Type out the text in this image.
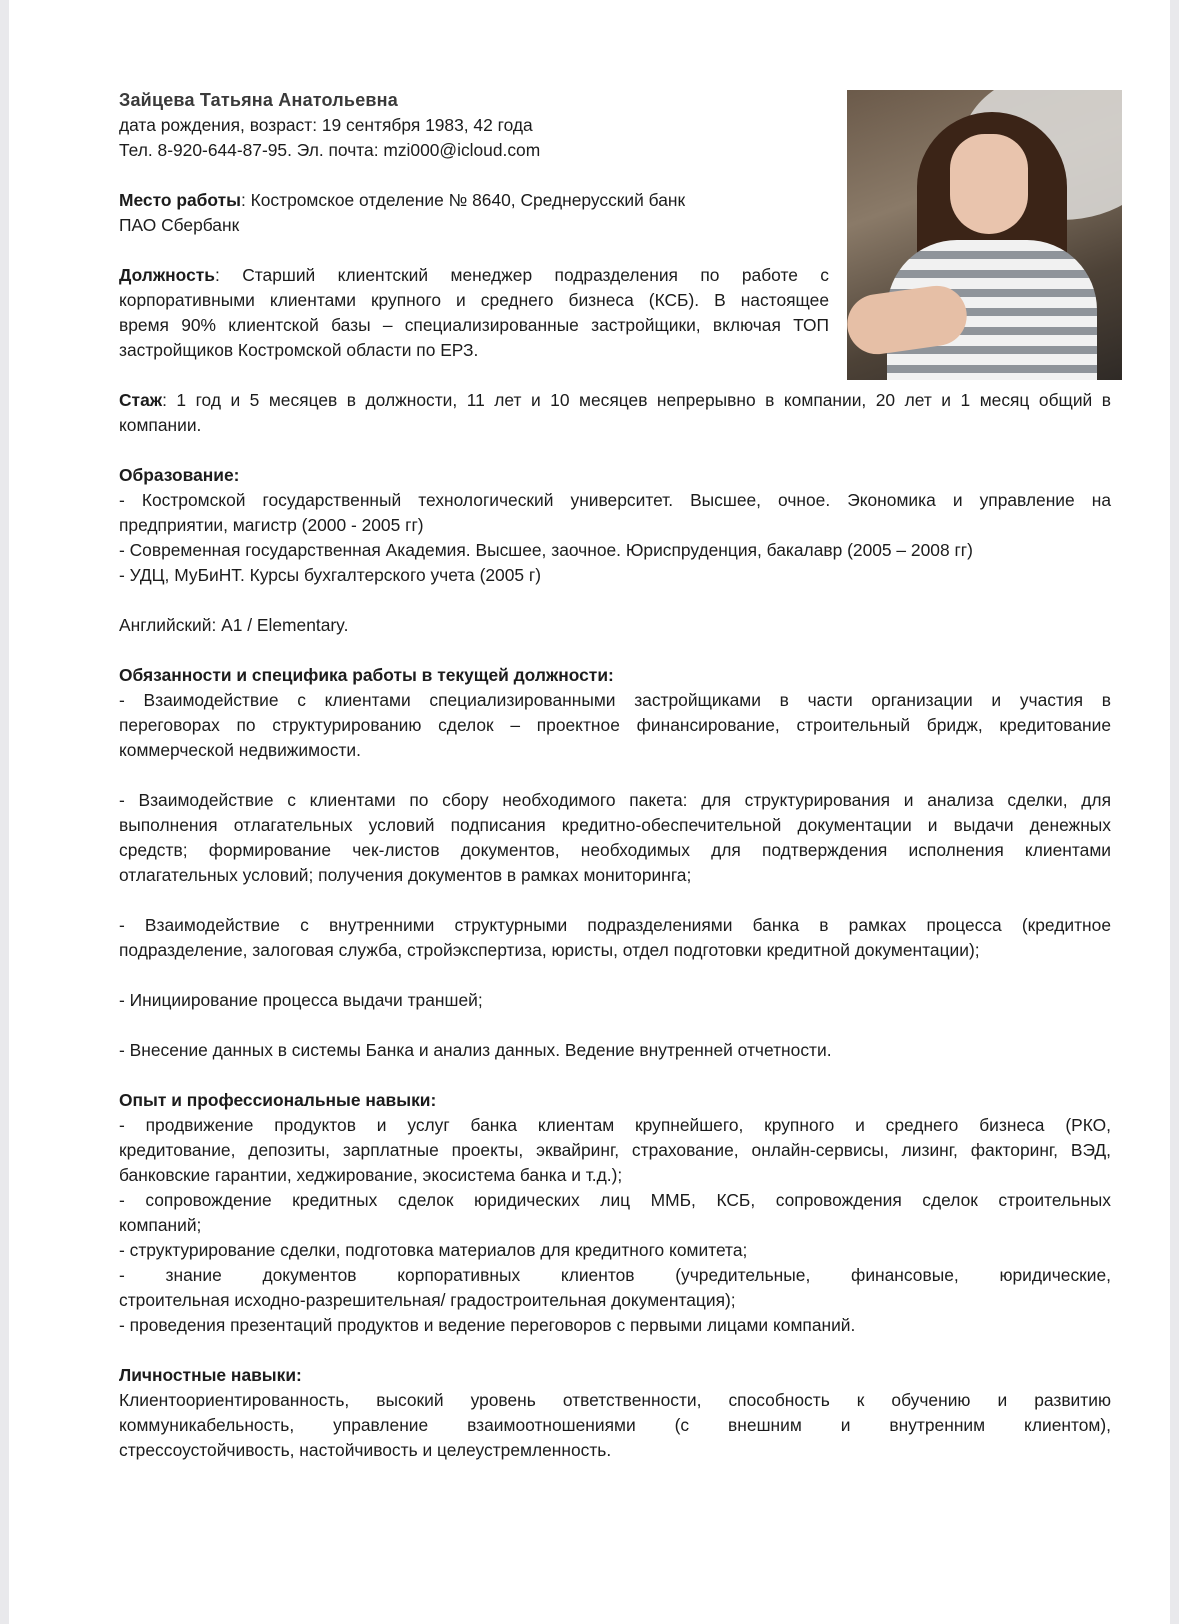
Зайцева Татьяна Анатольевна
дата рождения, возраст: 19 сентября 1983, 42 года
Тел. 8-920-644-87-95. Эл. почта: mzi000@icloud.com
Место работы: Костромское отделение № 8640, Среднерусский банк
ПАО Сбербанк
Должность: Старший клиентский менеджер подразделения по работе с
корпоративными клиентами крупного и среднего бизнеса (КСБ). В настоящее
время 90% клиентской базы – специализированные застройщики, включая ТОП
застройщиков Костромской области по ЕРЗ.
Стаж: 1 год и 5 месяцев в должности, 11 лет и 10 месяцев непрерывно в компании, 20 лет и 1 месяц общий в
компании.
Образование:
- Костромской государственный технологический университет. Высшее, очное. Экономика и управление на
предприятии, магистр (2000 - 2005 гг)
- Современная государственная Академия. Высшее, заочное. Юриспруденция, бакалавр (2005 – 2008 гг)
- УДЦ, МуБиНТ. Курсы бухгалтерского учета (2005 г)
Английский: A1 / Elementary.
Обязанности и специфика работы в текущей должности:
- Взаимодействие с клиентами специализированными застройщиками в части организации и участия в
переговорах по структурированию сделок – проектное финансирование, строительный бридж, кредитование
коммерческой недвижимости.
- Взаимодействие с клиентами по сбору необходимого пакета: для структурирования и анализа сделки, для
выполнения отлагательных условий подписания кредитно-обеспечительной документации и выдачи денежных
средств; формирование чек-листов документов, необходимых для подтверждения исполнения клиентами
отлагательных условий; получения документов в рамках мониторинга;
- Взаимодействие с внутренними структурными подразделениями банка в рамках процесса (кредитное
подразделение, залоговая служба, стройэкспертиза, юристы, отдел подготовки кредитной документации);
- Инициирование процесса выдачи траншей;
- Внесение данных в системы Банка и анализ данных. Ведение внутренней отчетности.
Опыт и профессиональные навыки:
- продвижение продуктов и услуг банка клиентам крупнейшего, крупного и среднего бизнеса (РКО,
кредитование, депозиты, зарплатные проекты, эквайринг, страхование, онлайн-сервисы, лизинг, факторинг, ВЭД,
банковские гарантии, хеджирование, экосистема банка и т.д.);
- сопровождение кредитных сделок юридических лиц ММБ, КСБ, сопровождения сделок строительных
компаний;
- структурирование сделки, подготовка материалов для кредитного комитета;
- знание документов корпоративных клиентов (учредительные, финансовые, юридические,
строительная исходно-разрешительная/ градостроительная документация);
- проведения презентаций продуктов и ведение переговоров с первыми лицами компаний.
Личностные навыки:
Клиентоориентированность, высокий уровень ответственности, способность к обучению и развитию
коммуникабельность, управление взаимоотношениями (с внешним и внутренним клиентом),
стрессоустойчивость, настойчивость и целеустремленность.
